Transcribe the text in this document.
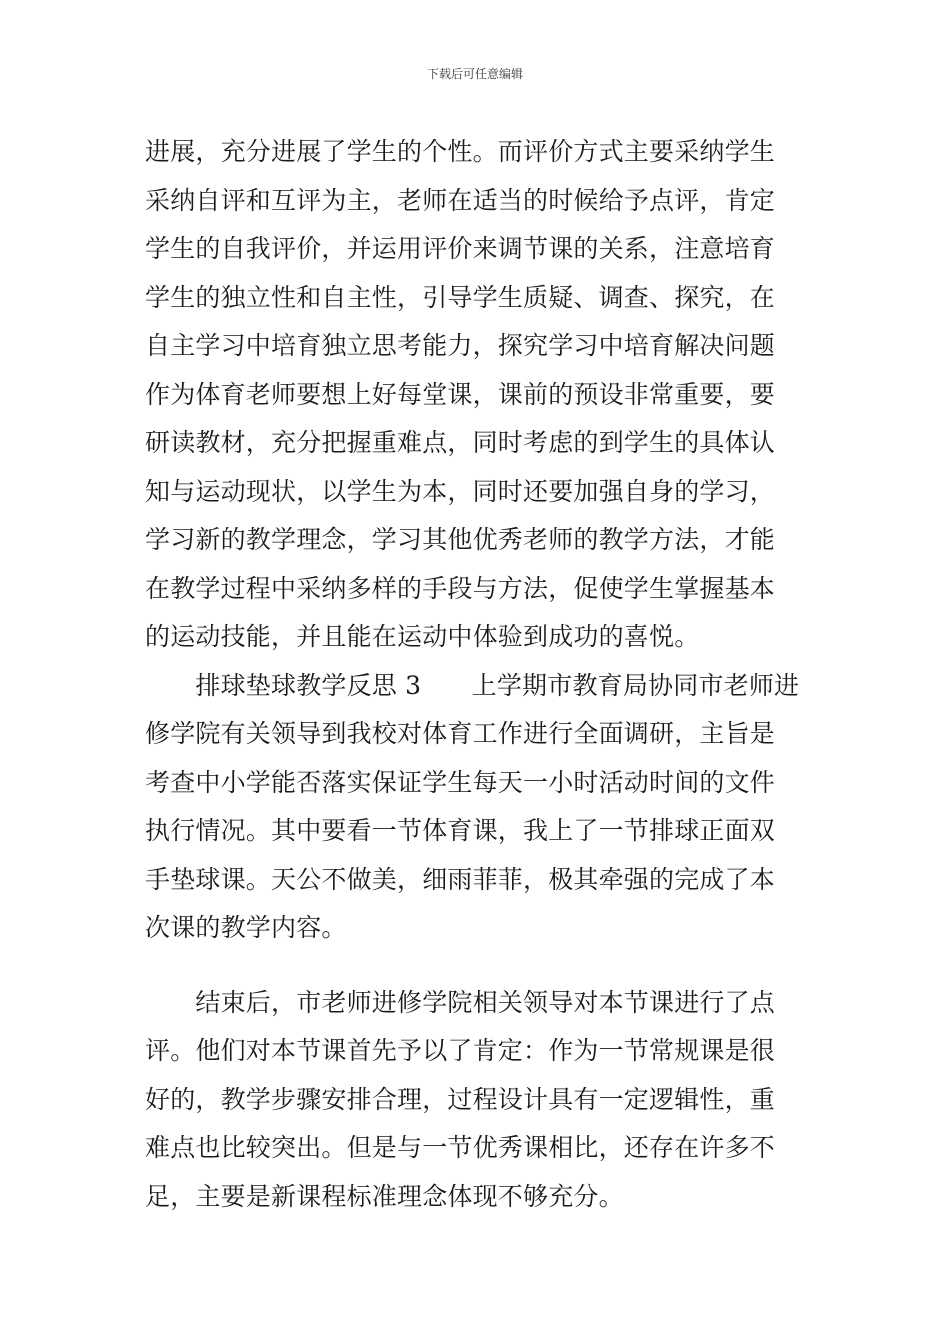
下载后可任意编辑
进展，充分进展了学生的个性。而评价方式主要采纳学生
采纳自评和互评为主，老师在适当的时候给予点评，肯定
学生的自我评价，并运用评价来调节课的关系，注意培育
学生的独立性和自主性，引导学生质疑、调查、探究，在
自主学习中培育独立思考能力，探究学习中培育解决问题
作为体育老师要想上好每堂课，课前的预设非常重要，要
研读教材，充分把握重难点，同时考虑的到学生的具体认
知与运动现状，以学生为本，同时还要加强自身的学习，
学习新的教学理念，学习其他优秀老师的教学方法，才能
在教学过程中采纳多样的手段与方法，促使学生掌握基本
的运动技能，并且能在运动中体验到成功的喜悦。
　　排球垫球教学反思 3　　上学期市教育局协同市老师进
修学院有关领导到我校对体育工作进行全面调研，主旨是
考查中小学能否落实保证学生每天一小时活动时间的文件
执行情况。其中要看一节体育课，我上了一节排球正面双
手垫球课。天公不做美，细雨菲菲，极其牵强的完成了本
次课的教学内容。
　　结束后，市老师进修学院相关领导对本节课进行了点
评。他们对本节课首先予以了肯定：作为一节常规课是很
好的，教学步骤安排合理，过程设计具有一定逻辑性，重
难点也比较突出。但是与一节优秀课相比，还存在许多不
足，主要是新课程标准理念体现不够充分。
